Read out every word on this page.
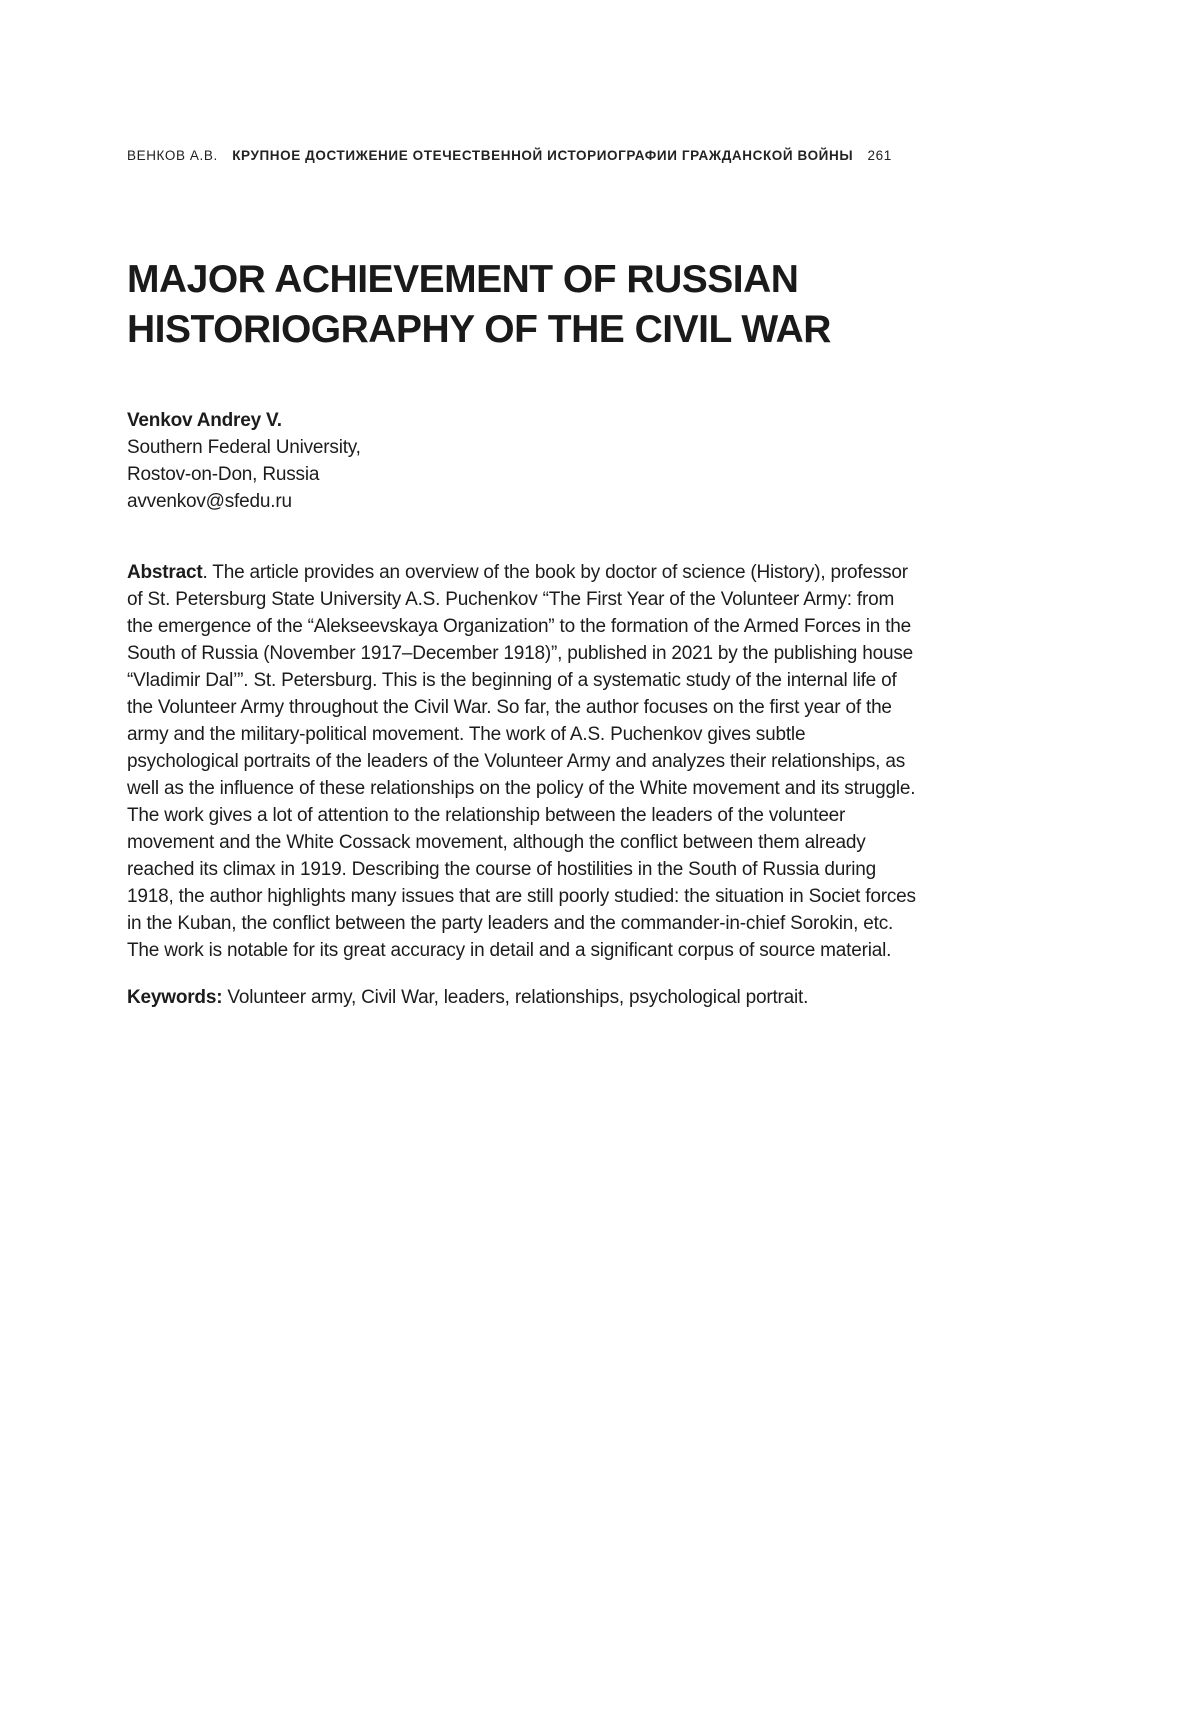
ВЕНКОВ А.В. КРУПНОЕ ДОСТИЖЕНИЕ ОТЕЧЕСТВЕННОЙ ИСТОРИОГРАФИИ ГРАЖДАНСКОЙ ВОЙНЫ 261
MAJOR ACHIEVEMENT OF RUSSIAN HISTORIOGRAPHY OF THE CIVIL WAR
Venkov Andrey V.
Southern Federal University,
Rostov-on-Don, Russia
avvenkov@sfedu.ru

Abstract. The article provides an overview of the book by doctor of science (History), professor of St. Petersburg State University A.S. Puchenkov “The First Year of the Volunteer Army: from the emergence of the “Alekseevskaya Organization” to the formation of the Armed Forces in the South of Russia (November 1917–December 1918)”, published in 2021 by the publishing house “Vladimir Dal’”. St. Petersburg. This is the beginning of a systematic study of the internal life of the Volunteer Army throughout the Civil War. So far, the author focuses on the first year of the army and the military-political movement. The work of A.S. Puchenkov gives subtle psychological portraits of the leaders of the Volunteer Army and analyzes their relationships, as well as the influence of these relationships on the policy of the White movement and its struggle. The work gives a lot of attention to the relationship between the leaders of the volunteer movement and the White Cossack movement, although the conflict between them already reached its climax in 1919. Describing the course of hostilities in the South of Russia during 1918, the author highlights many issues that are still poorly studied: the situation in Societ forces in the Kuban, the conflict between the party leaders and the commander-in-chief Sorokin, etc. The work is notable for its great accuracy in detail and a significant corpus of source material.

Keywords: Volunteer army, Civil War, leaders, relationships, psychological portrait.
